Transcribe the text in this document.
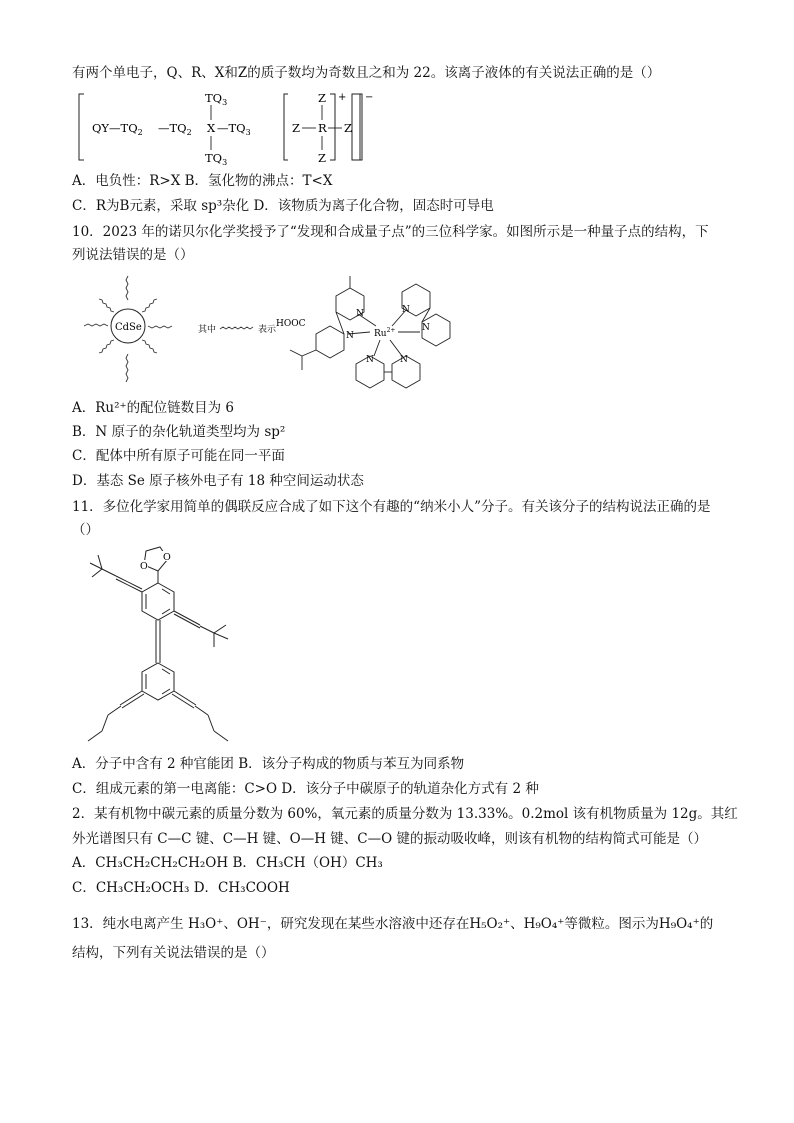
有两个单电子，Q、R、X和Z的质子数均为奇数且之和为 22。该离子液体的有关说法正确的是（）
+
$QY—TQ_2$ $—TQ_2$ X $—TQ_3$
$TQ_3$
$TQ_3$
−
Z
Z R Z
Z
A．电负性：R>X B．氢化物的沸点：T<X
C．R为B元素，采取 sp³杂化 D．该物质为离子化合物，固态时可导电
10．2023 年的诺贝尔化学奖授予了“发现和合成量子点”的三位科学家。如图所示是一种量子点的结构，下
列说法错误的是（）
CdSe	其中	表示
HOOC
N
N	N
N
N	N
$Ru^{2+}$
A．Ru²⁺的配位链数目为 6
B．N 原子的杂化轨道类型均为 sp²
C．配体中所有原子可能在同一平面
D．基态 Se 原子核外电子有 18 种空间运动状态
11．多位化学家用简单的偶联反应合成了如下这个有趣的“纳米小人”分子。有关该分子的结构说法正确的是
（）
O
O
A．分子中含有 2 种官能团 B．该分子构成的物质与苯互为同系物
C．组成元素的第一电离能：C>O D．该分子中碳原子的轨道杂化方式有 2 种
2．某有机物中碳元素的质量分数为 60%，氧元素的质量分数为 13.33%。0.2mol 该有机物质量为 12g。其红
外光谱图只有 C—C 键、C—H 键、O—H 键、C—O 键的振动吸收峰，则该有机物的结构简式可能是（）
A．CH₃CH₂CH₂CH₂OH B．CH₃CH（OH）CH₃
C．CH₃CH₂OCH₃ D．CH₃COOH
13．纯水电离产生 H₃O⁺、OH⁻，研究发现在某些水溶液中还存在H₅O₂⁺、H₉O₄⁺等微粒。图示为H₉O₄⁺的
结构，下列有关说法错误的是（）
